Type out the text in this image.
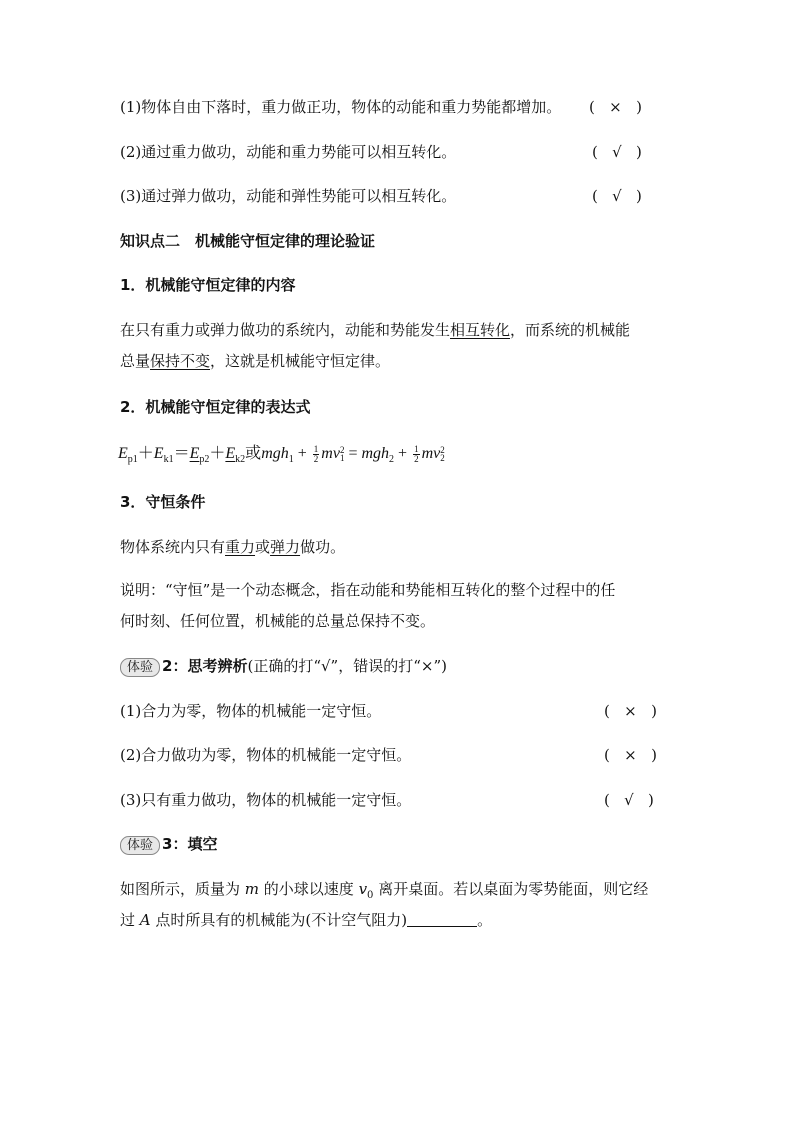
(1)物体自由下落时，重力做正功，物体的动能和重力势能都增加。 ( × )
(2)通过重力做功，动能和重力势能可以相互转化。	( √ )
(3)通过弹力做功，动能和弹性势能可以相互转化。	( √ )
知识点二　机械能守恒定律的理论验证
1．机械能守恒定律的内容
在只有重力或弹力做功的系统内，动能和势能发生相互转化，而系统的机械能
总量保持不变，这就是机械能守恒定律。
2．机械能守恒定律的表达式
$E_{p1}+E_{k1}=E_{p2}+E_{k2}$或$mgh_1 + \frac{1}{2}$ mv 2
$1 = mgh_2 + \frac{1}{2}$ mv 2
2
3．守恒条件
物体系统内只有重力或弹力做功。
说明：“守恒”是一个动态概念，指在动能和势能相互转化的整个过程中的任
何时刻、任何位置，机械能的总量总保持不变。
体验 2：思考辨析(正确的打“√”，错误的打“×”)
(1)合力为零，物体的机械能一定守恒。	( × )
(2)合力做功为零，物体的机械能一定守恒。	( × )
(3)只有重力做功，物体的机械能一定守恒。	( √ )
体验 3：填空
如图所示，质量为 m 的小球以速度 $v_0$ 离开桌面。若以桌面为零势能面，则它经
过 A 点时所具有的机械能为(不计空气阻力)	。
